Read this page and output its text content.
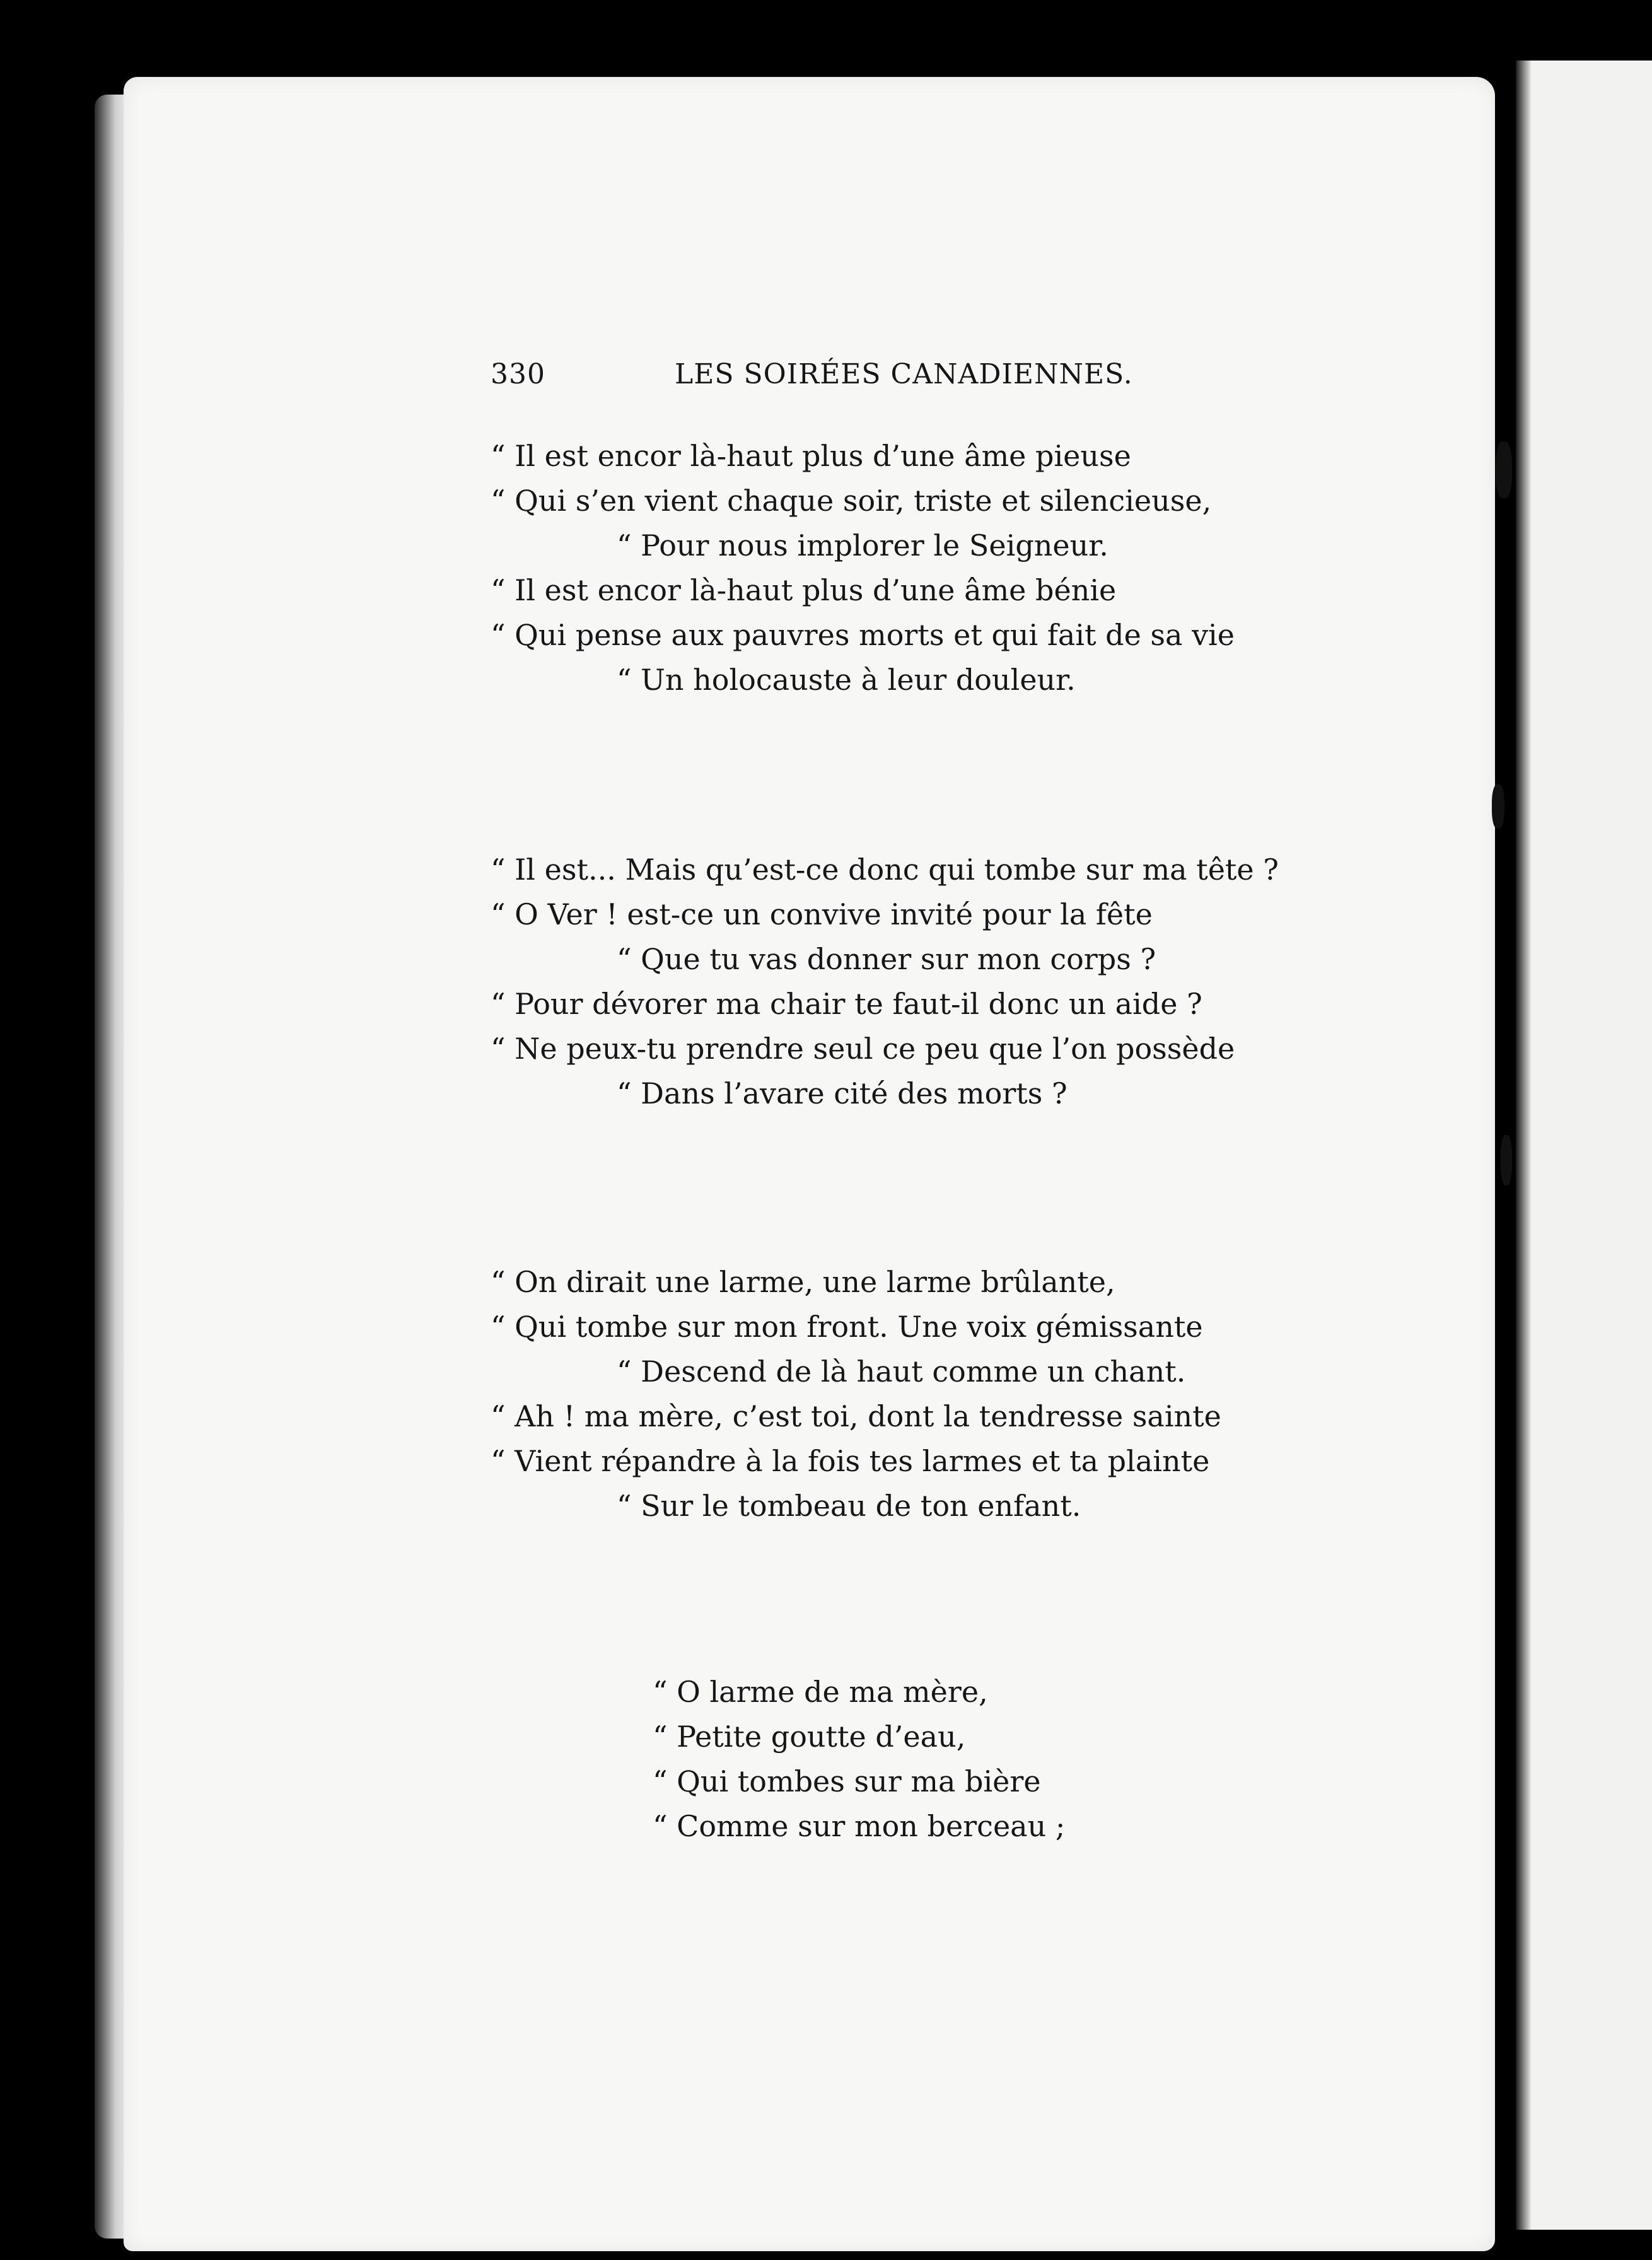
330	LES SOIRÉES CANADIENNES.
“ Il est encor là-haut plus d’une âme pieuse
“ Qui s’en vient chaque soir, triste et silencieuse,
“ Pour nous implorer le Seigneur.
“ Il est encor là-haut plus d’une âme bénie
“ Qui pense aux pauvres morts et qui fait de sa vie
“ Un holocauste à leur douleur.
“ Il est... Mais qu’est-ce donc qui tombe sur ma tête ?
“ O Ver ! est-ce un convive invité pour la fête
“ Que tu vas donner sur mon corps ?
“ Pour dévorer ma chair te faut-il donc un aide ?
“ Ne peux-tu prendre seul ce peu que l’on possède
“ Dans l’avare cité des morts ?
“ On dirait une larme, une larme brûlante,
“ Qui tombe sur mon front. Une voix gémissante
“ Descend de là haut comme un chant.
“ Ah ! ma mère, c’est toi, dont la tendresse sainte
“ Vient répandre à la fois tes larmes et ta plainte
“ Sur le tombeau de ton enfant.
“ O larme de ma mère,
“ Petite goutte d’eau,
“ Qui tombes sur ma bière
“ Comme sur mon berceau ;
